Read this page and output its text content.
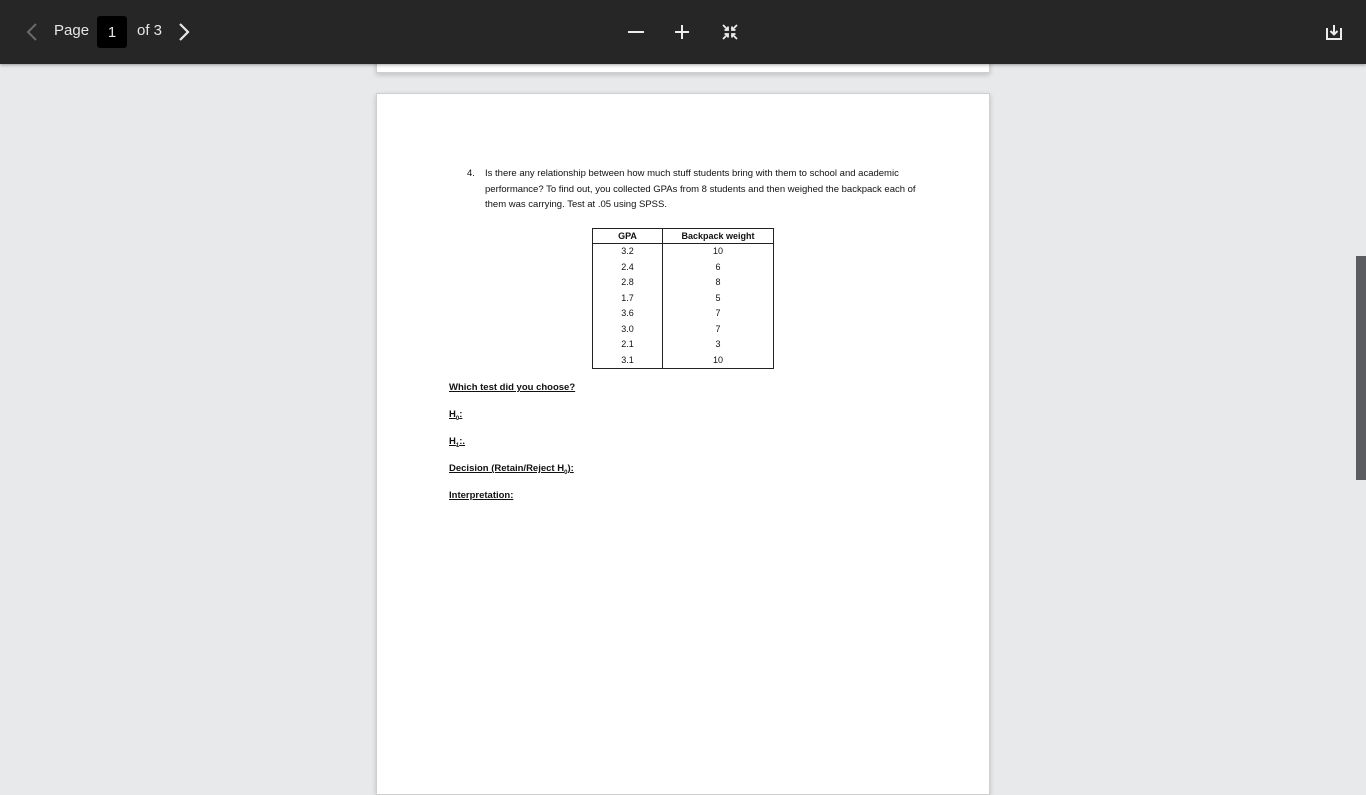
Page
1	of 3
4. Is there any relationship between how much stuff students bring with them to school and academic performance? To find out, you collected GPAs from 8 students and then weighed the backpack each of them was carrying. Test at .05 using SPSS.
GPA	Backpack weight
3.2	10
2.4	6
2.8	8
1.7	5
3.6	7
3.0	7
2.1	3
3.1	10
Which test did you choose?
$H_0$:
$H_1$:.
Decision (Retain/Reject $H_0$):
Interpretation:
